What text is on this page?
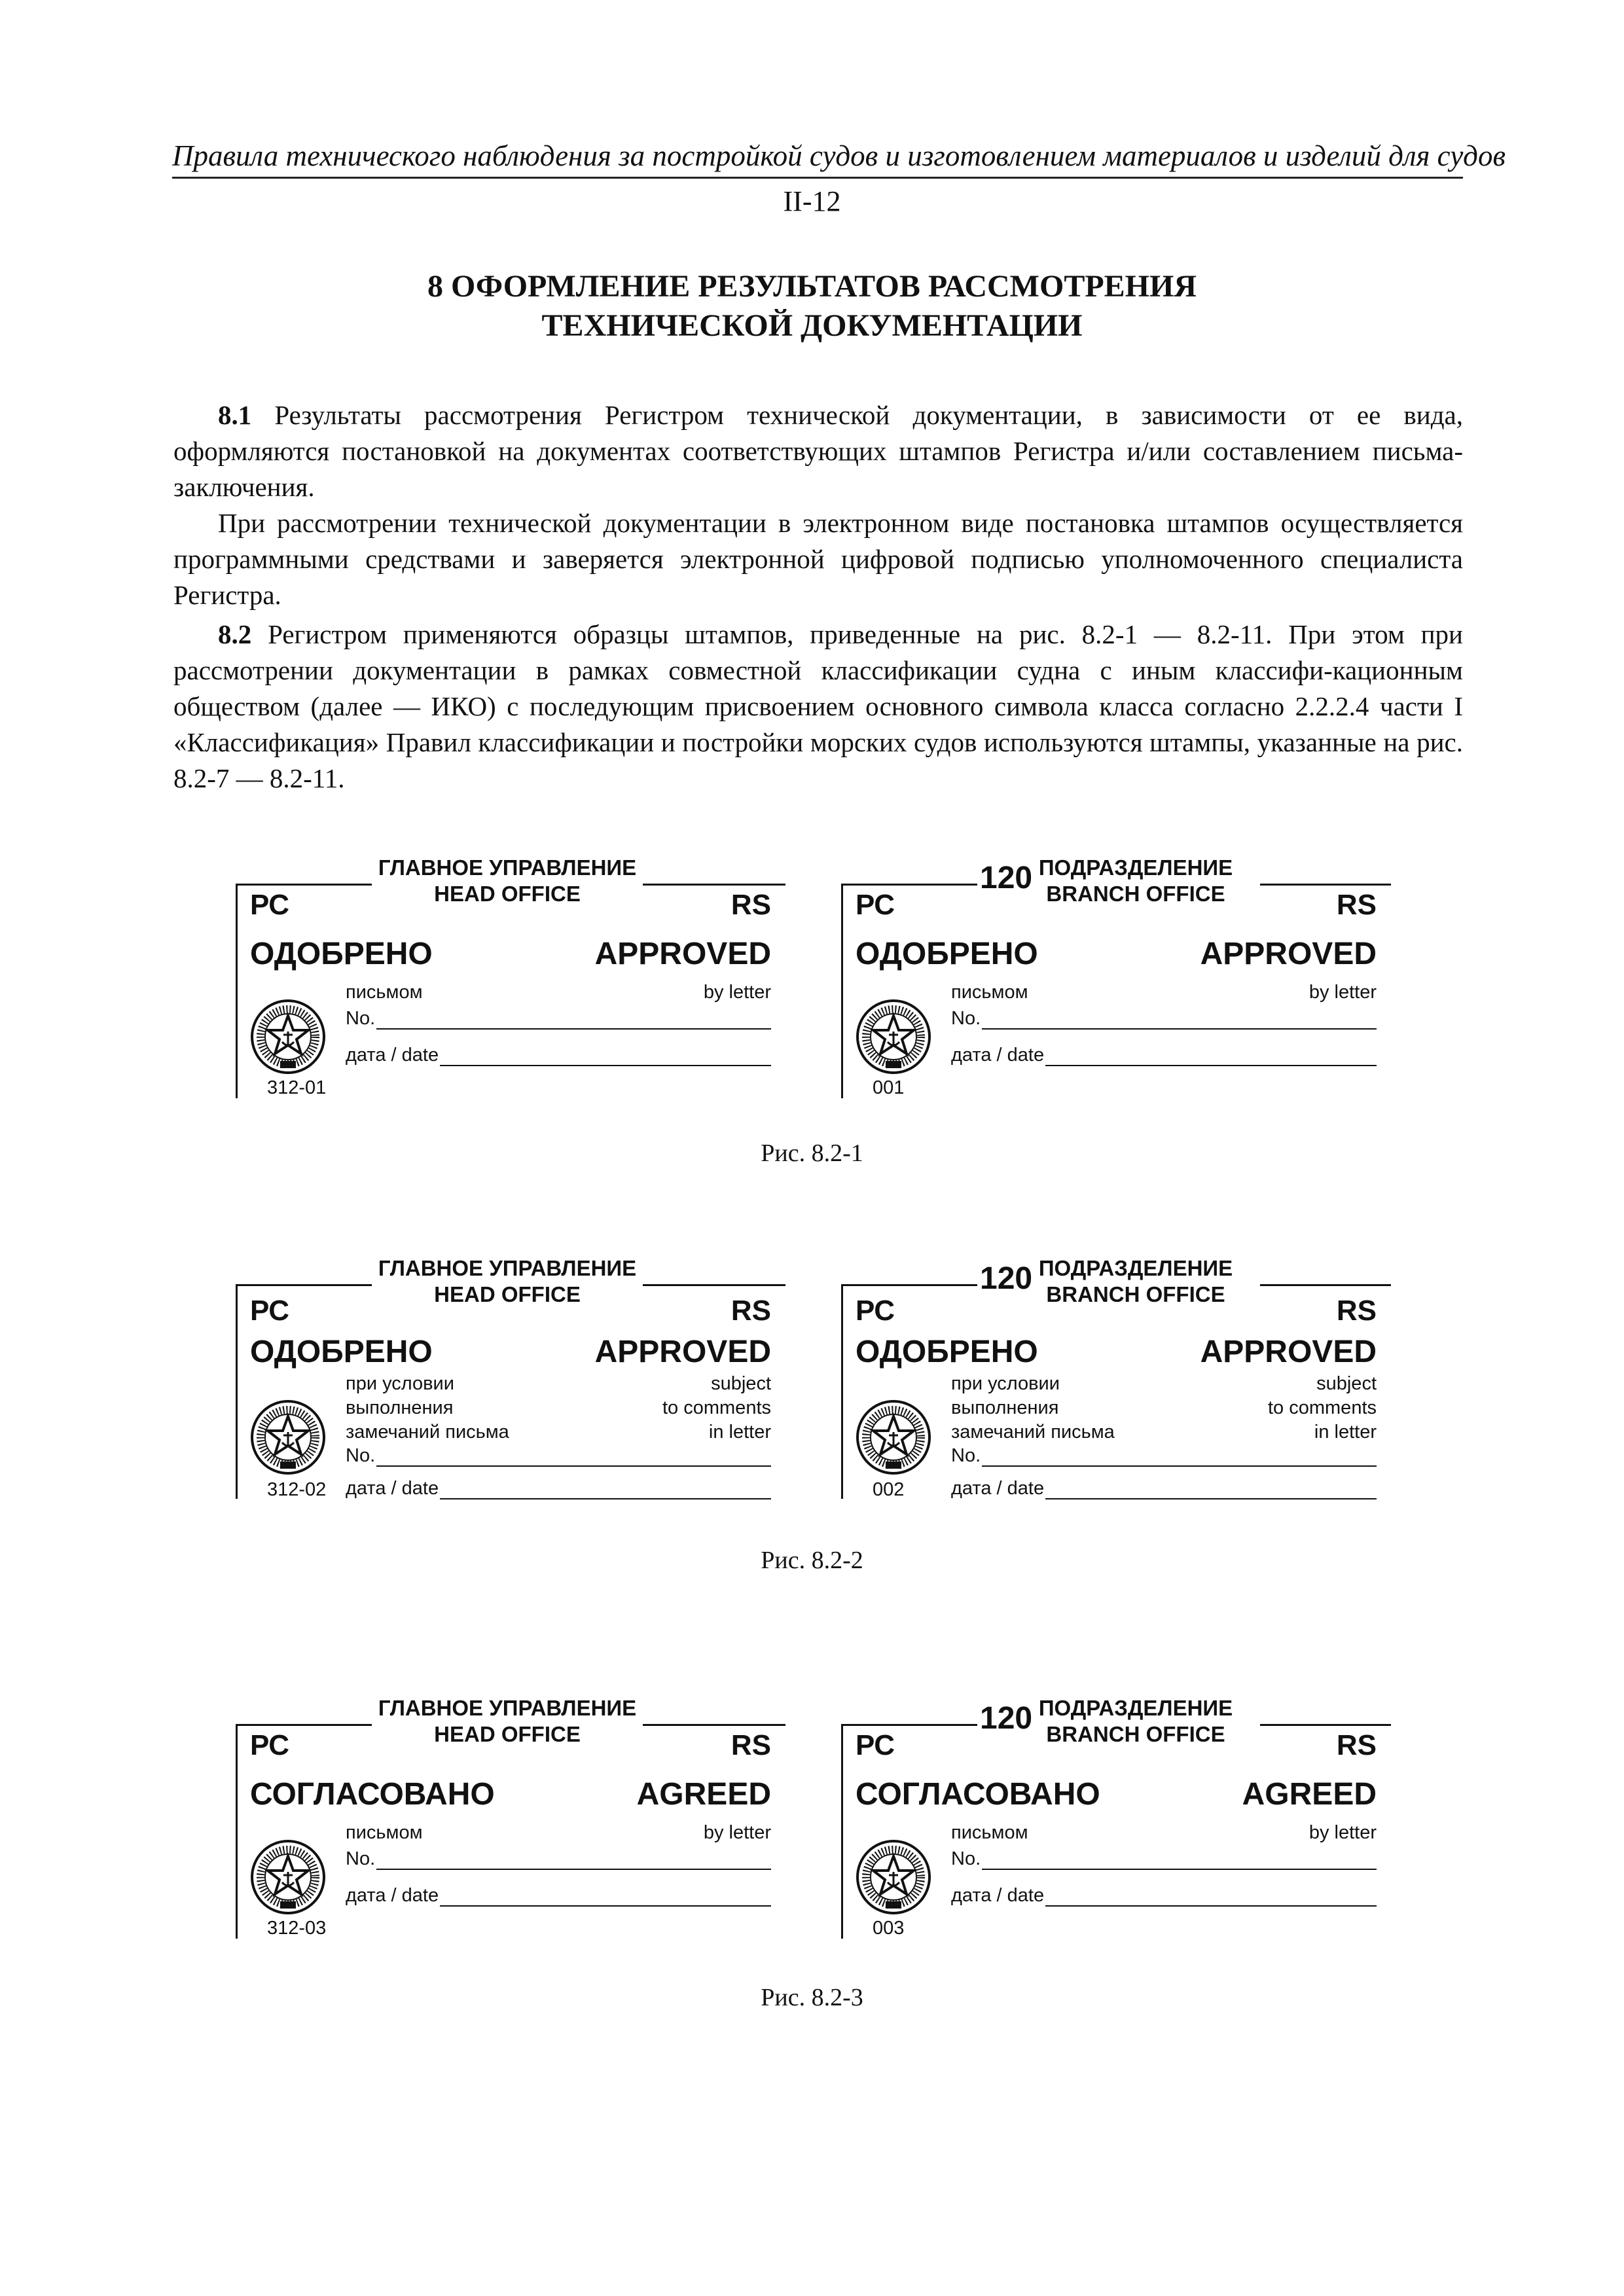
Правила технического наблюдения за постройкой судов и изготовлением материалов и изделий для судов
II-12
8 ОФОРМЛЕНИЕ РЕЗУЛЬТАТОВ РАССМОТРЕНИЯ
ТЕХНИЧЕСКОЙ ДОКУМЕНТАЦИИ

8.1 Результаты рассмотрения Регистром технической документации, в зависимости от ее вида, оформляются постановкой на документах соответствующих штампов Регистра и/или составлением письма-заключения.

При рассмотрении технической документации в электронном виде постановка штампов осуществляется программными средствами и заверяется электронной цифровой подписью уполномоченного специалиста Регистра.

8.2 Регистром применяются образцы штампов, приведенные на рис. 8.2-1 — 8.2-11. При этом при рассмотрении документации в рамках совместной классификации судна с иным классифи-кационным обществом (далее — ИКО) с последующим присвоением основного символа класса согласно 2.2.2.4 части I «Классификация» Правил классификации и постройки морских судов используются штампы, указанные на рис. 8.2-7 — 8.2-11.

ГЛАВНОЕ УПРАВЛЕНИЕ
HEAD OFFICE
РС	RS
ОДОБРЕНО	APPROVED
письмом	by letter
No.
дата / date
312-01
120 ПОДРАЗДЕЛЕНИЕ
BRANCH OFFICE
РС	RS
ОДОБРЕНО	APPROVED
письмом	by letter
No.
дата / date
001
Рис. 8.2-1
ГЛАВНОЕ УПРАВЛЕНИЕ
HEAD OFFICE
РС	RS
ОДОБРЕНО	APPROVED
при условии
выполнения
замечаний письма
subject
to comments
in letter
No.
дата / date
312-02
120 ПОДРАЗДЕЛЕНИЕ
BRANCH OFFICE
РС	RS
ОДОБРЕНО	APPROVED
при условии
выполнения
замечаний письма
subject
to comments
in letter
No.
дата / date
002
Рис. 8.2-2
ГЛАВНОЕ УПРАВЛЕНИЕ
HEAD OFFICE
РС	RS
СОГЛАСОВАНО	AGREED
письмом	by letter
No.
дата / date
312-03
120 ПОДРАЗДЕЛЕНИЕ
BRANCH OFFICE
РС	RS
СОГЛАСОВАНО	AGREED
письмом	by letter
No.
дата / date
003
Рис. 8.2-3
